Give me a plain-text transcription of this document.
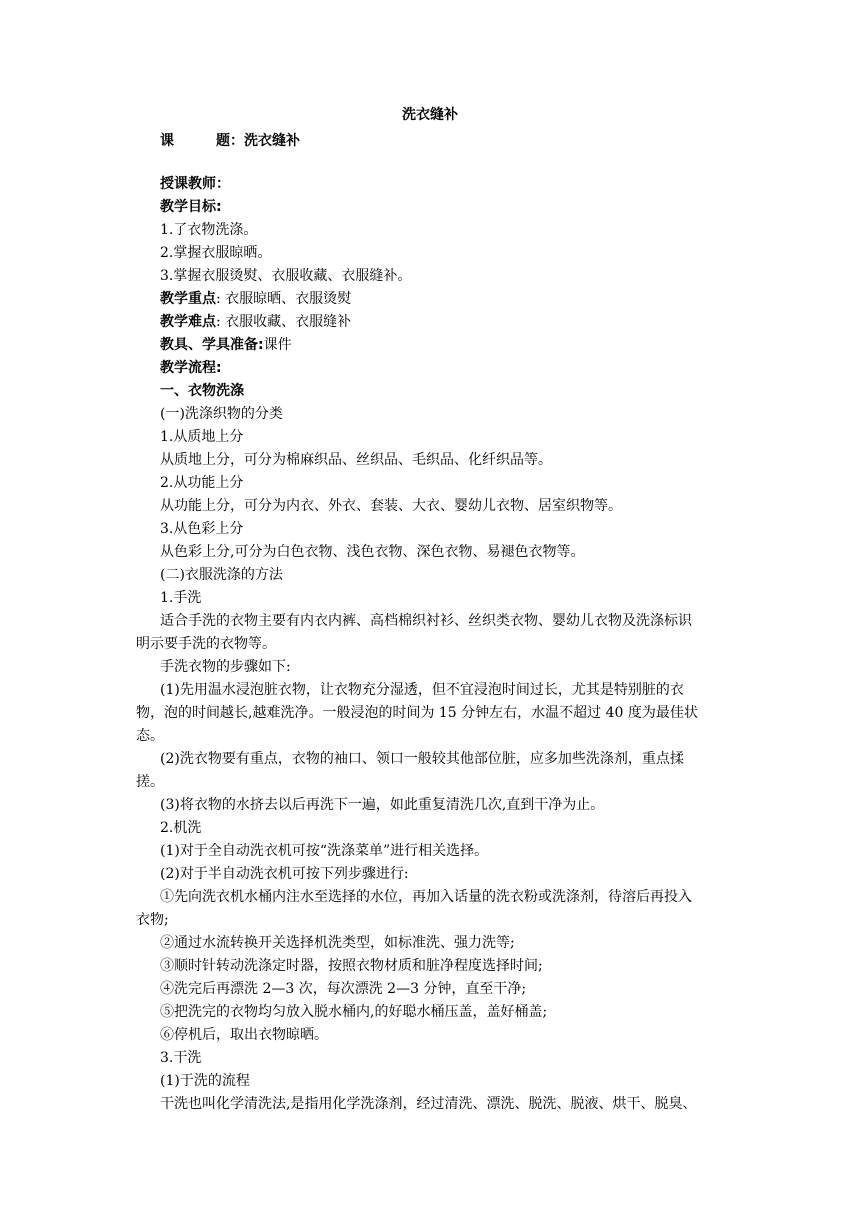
洗衣缝补
课	题：洗衣缝补
授课教师：
教学目标:
1.了衣物洗涤。
2.掌握衣服晾晒。
3.掌握衣服烫熨、衣服收藏、衣服缝补。
教学重点: 衣服晾晒、衣服烫熨
教学难点: 衣服收藏、衣服缝补
教具、学具准备:课件
教学流程:
一、衣物洗涤
(一)洗涤织物的分类
1.从质地上分
从质地上分，可分为棉麻织品、丝织品、毛织品、化纤织品等。
2.从功能上分
从功能上分，可分为内衣、外衣、套装、大衣、婴幼儿衣物、居室织物等。
3.从色彩上分
从色彩上分,可分为白色衣物、浅色衣物、深色衣物、易褪色衣物等。
(二)衣服洗涤的方法
1.手洗
适合手洗的衣物主要有内衣内裤、高档棉织衬衫、丝织类衣物、婴幼儿衣物及洗涤标识
明示要手洗的衣物等。
手洗衣物的步骤如下:
(1)先用温水浸泡脏衣物，让衣物充分湿透，但不宜浸泡时间过长，尤其是特别脏的衣
物，泡的时间越长,越难洗净。一般浸泡的时间为 15 分钟左右，水温不超过 40 度为最佳状
态。
(2)洗衣物要有重点，衣物的袖口、领口一般较其他部位脏，应多加些洗涤剂，重点揉
搓。
(3)将衣物的水挤去以后再洗下一遍，如此重复清洗几次,直到干净为止。
2.机洗
(1)对于全自动洗衣机可按“洗涤菜单”进行相关选择。
(2)对于半自动洗衣机可按下列步骤进行:
①先向洗衣机水桶内注水至选择的水位，再加入话量的洗衣粉或洗涤剂，待溶后再投入
衣物;
②通过水流转换开关选择机洗类型，如标准洗、强力洗等;
③顺时针转动洗涤定时器，按照衣物材质和脏净程度选择时间;
④洗完后再漂洗 2—3 次，每次漂洗 2—3 分钟，直至干净;
⑤把洗完的衣物均匀放入脱水桶内,的好聪水桶压盖，盖好桶盖;
⑥停机后，取出衣物晾晒。
3.干洗
(1)于洗的流程
干洗也叫化学清洗法,是指用化学洗涤剂，经过清洗、漂洗、脱洗、脱液、烘干、脱臭、
